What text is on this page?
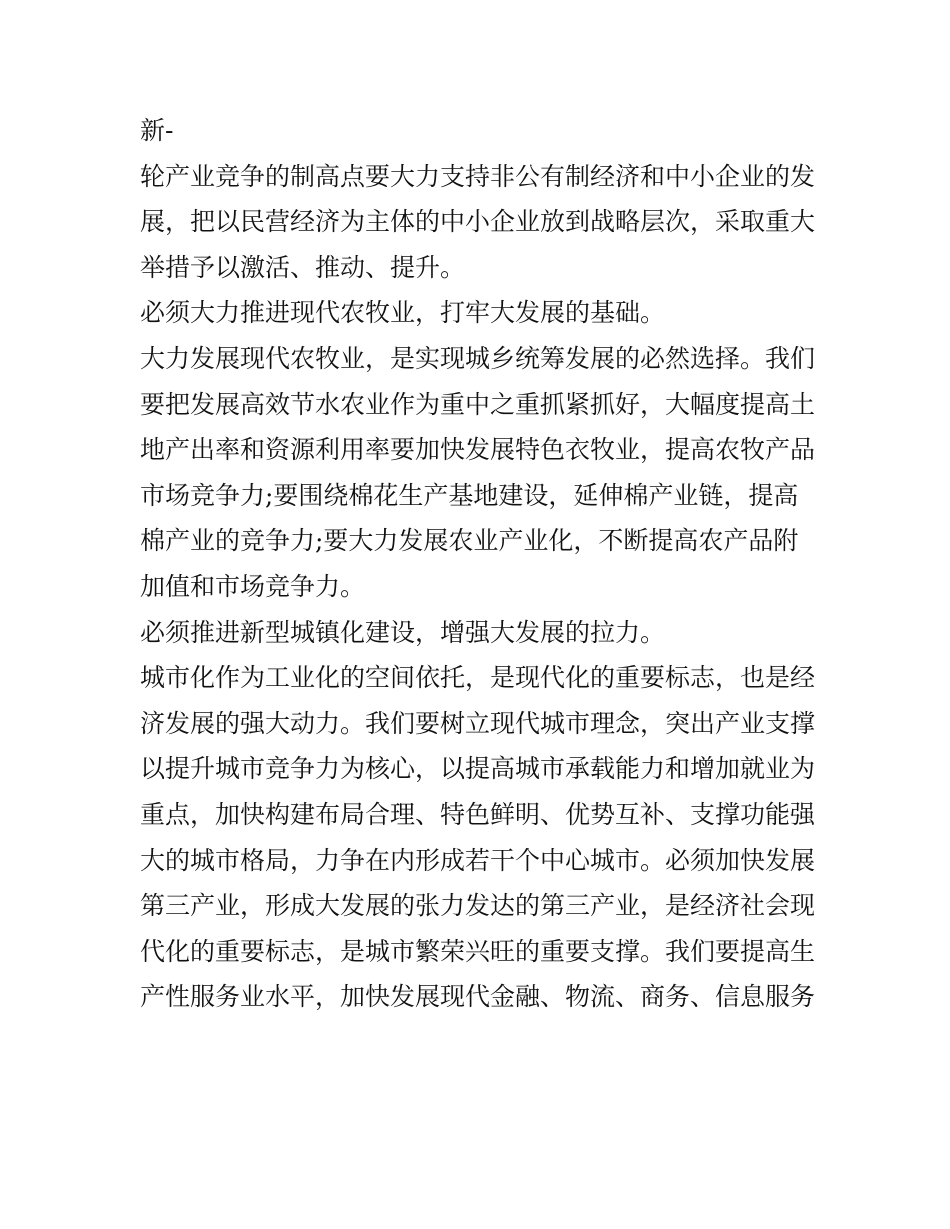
新-
轮产业竞争的制高点要大力支持非公有制经济和中小企业的发
展，把以民营经济为主体的中小企业放到战略层次，采取重大
举措予以激活、推动、提升。
必须大力推进现代农牧业，打牢大发展的基础。
大力发展现代农牧业，是实现城乡统筹发展的必然选择。我们
要把发展高效节水农业作为重中之重抓紧抓好，大幅度提高土
地产出率和资源利用率要加快发展特色衣牧业，提高农牧产品
市场竞争力;要围绕棉花生产基地建设，延伸棉产业链，提高
棉产业的竞争力;要大力发展农业产业化，不断提高农产品附
加值和市场竞争力。
必须推进新型城镇化建设，增强大发展的拉力。
城市化作为工业化的空间依托，是现代化的重要标志，也是经
济发展的强大动力。我们要树立现代城市理念，突出产业支撑
以提升城市竞争力为核心，以提高城市承载能力和增加就业为
重点，加快构建布局合理、特色鲜明、优势互补、支撑功能强
大的城市格局，力争在内形成若干个中心城市。必须加快发展
第三产业，形成大发展的张力发达的第三产业，是经济社会现
代化的重要标志，是城市繁荣兴旺的重要支撑。我们要提高生
产性服务业水平，加快发展现代金融、物流、商务、信息服务
